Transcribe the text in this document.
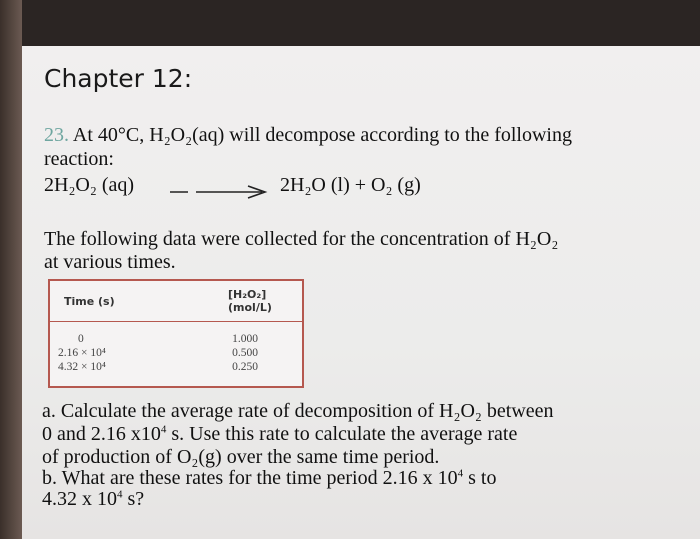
Chapter 12:
23. At 40°C, H₂O₂(aq) will decompose according to the following
reaction:
2H₂O₂ (aq)	2H₂O (l) + O₂ (g)
The following data were collected for the concentration of H₂O₂
at various times.
Time (s)	[H₂O₂] (mol/L)
0	1.000
2.16 × 10⁴	0.500
4.32 × 10⁴	0.250
a. Calculate the average rate of decomposition of H₂O₂ between
0 and 2.16 $x10^4$ s. Use this rate to calculate the average rate
of production of O₂(g) over the same time period.
b. What are these rates for the time period 2.16 x $10^4$ s to
4.32 x $10^4$ s?
